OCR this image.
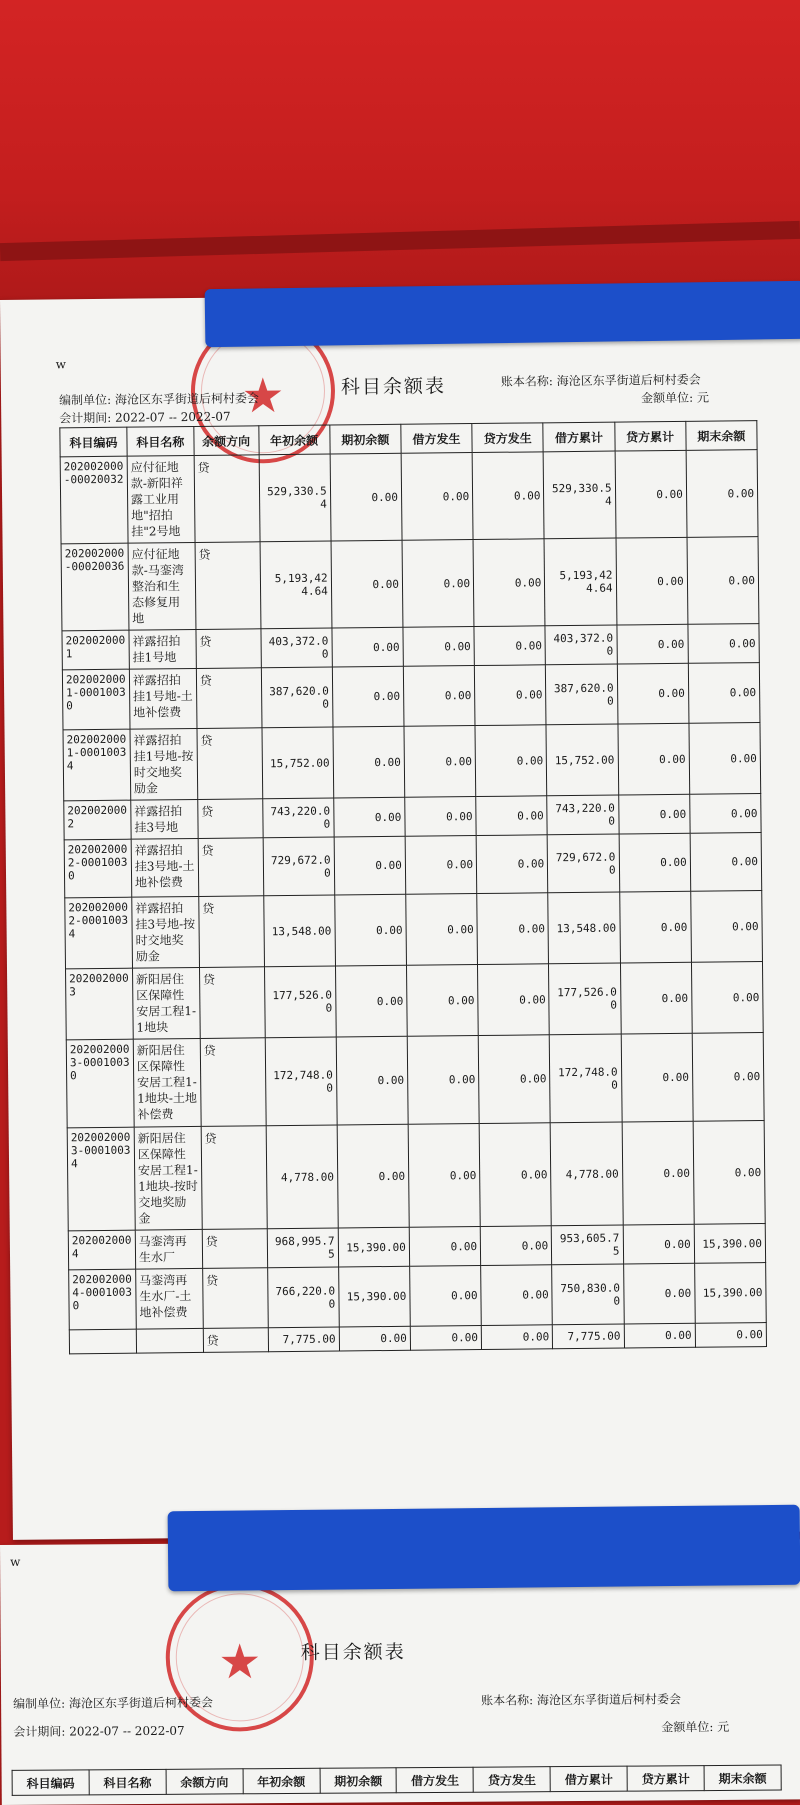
w
★	科目余额表
编制单位: 海沧区东孚街道后柯村委会
会计期间: 2022-07 -- 2022-07
账本名称: 海沧区东孚街道后柯村委会
金额单位: 元
科目编码	科目名称	余额方向	年初余额	期初余额	借方发生	贷方发生	借方累计	贷方累计	期末余额
202002000-00020032	应付征地款-新阳祥露工业用地"招拍挂"2号地	贷	529,330.54	0.00	0.00	0.00	529,330.54	0.00	0.00
202002000-00020036	应付征地款-马銮湾整治和生态修复用地	贷	5,193,424.64	0.00	0.00	0.00	5,193,424.64	0.00	0.00
2020020001	祥露招拍挂1号地	贷	403,372.00	0.00	0.00	0.00	403,372.00	0.00	0.00
2020020001-00010030	祥露招拍挂1号地-土地补偿费	贷	387,620.00	0.00	0.00	0.00	387,620.00	0.00	0.00
2020020001-00010034	祥露招拍挂1号地-按时交地奖励金	贷	15,752.00	0.00	0.00	0.00	15,752.00	0.00	0.00
2020020002	祥露招拍挂3号地	贷	743,220.00	0.00	0.00	0.00	743,220.00	0.00	0.00
2020020002-00010030	祥露招拍挂3号地-土地补偿费	贷	729,672.00	0.00	0.00	0.00	729,672.00	0.00	0.00
2020020002-00010034	祥露招拍挂3号地-按时交地奖励金	贷	13,548.00	0.00	0.00	0.00	13,548.00	0.00	0.00
2020020003	新阳居住区保障性安居工程1-1地块	贷	177,526.00	0.00	0.00	0.00	177,526.00	0.00	0.00
2020020003-00010030	新阳居住区保障性安居工程1-1地块-土地补偿费	贷	172,748.00	0.00	0.00	0.00	172,748.00	0.00	0.00
2020020003-00010034	新阳居住区保障性安居工程1-1地块-按时交地奖励金	贷	4,778.00	0.00	0.00	0.00	4,778.00	0.00	0.00
2020020004	马銮湾再生水厂	贷	968,995.75	15,390.00	0.00	0.00	953,605.75	0.00	15,390.00
2020020004-00010030	马銮湾再生水厂-土地补偿费	贷	766,220.00	15,390.00	0.00	0.00	750,830.00	0.00	15,390.00
		贷	7,775.00	0.00	0.00	0.00	7,775.00	0.00	0.00
w
★ 科目余额表
编制单位: 海沧区东孚街道后柯村委会
会计期间: 2022-07 -- 2022-07
账本名称: 海沧区东孚街道后柯村委会
金额单位: 元
科目编码	科目名称	余额方向	年初余额	期初余额	借方发生	贷方发生	借方累计	贷方累计	期末余额
